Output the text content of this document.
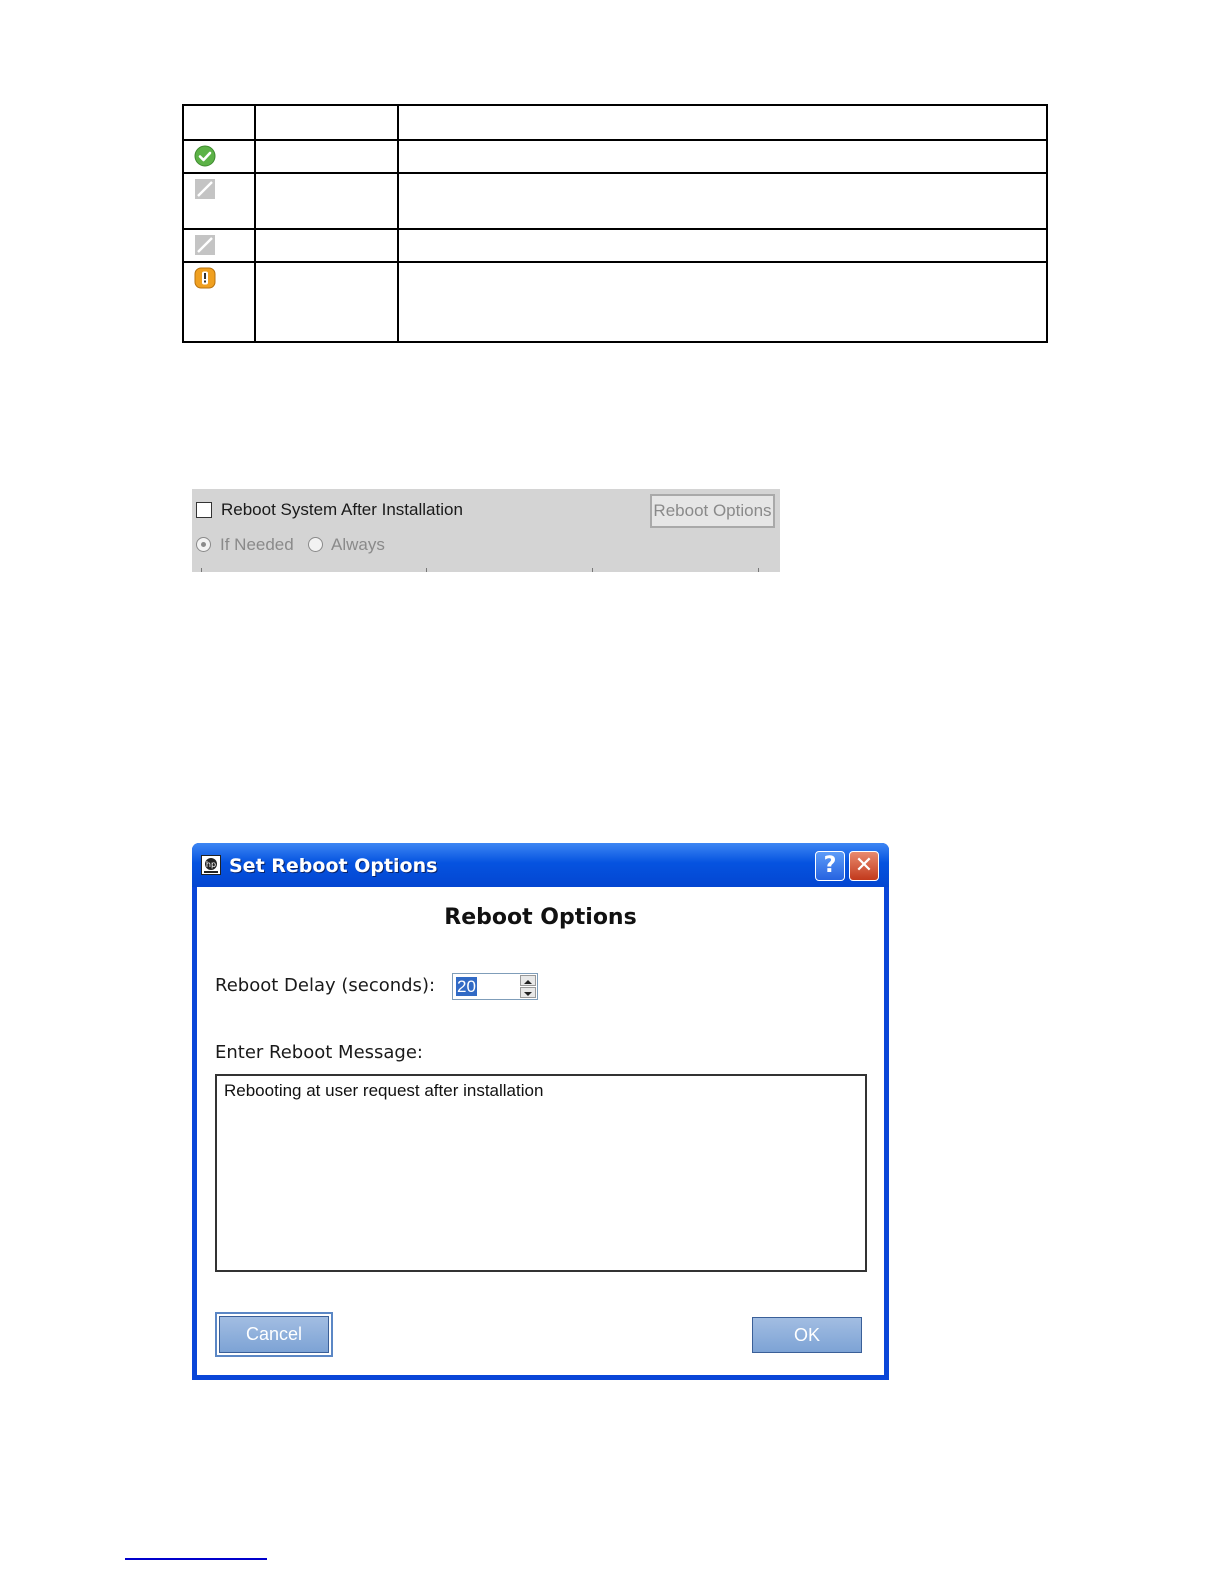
Reboot System After Installation
If Needed Always
Reboot Options
hp Set Reboot Options	? ✕
Reboot Options
Reboot Delay (seconds): 20
Enter Reboot Message:
Rebooting at user request after installation
Cancel	OK
